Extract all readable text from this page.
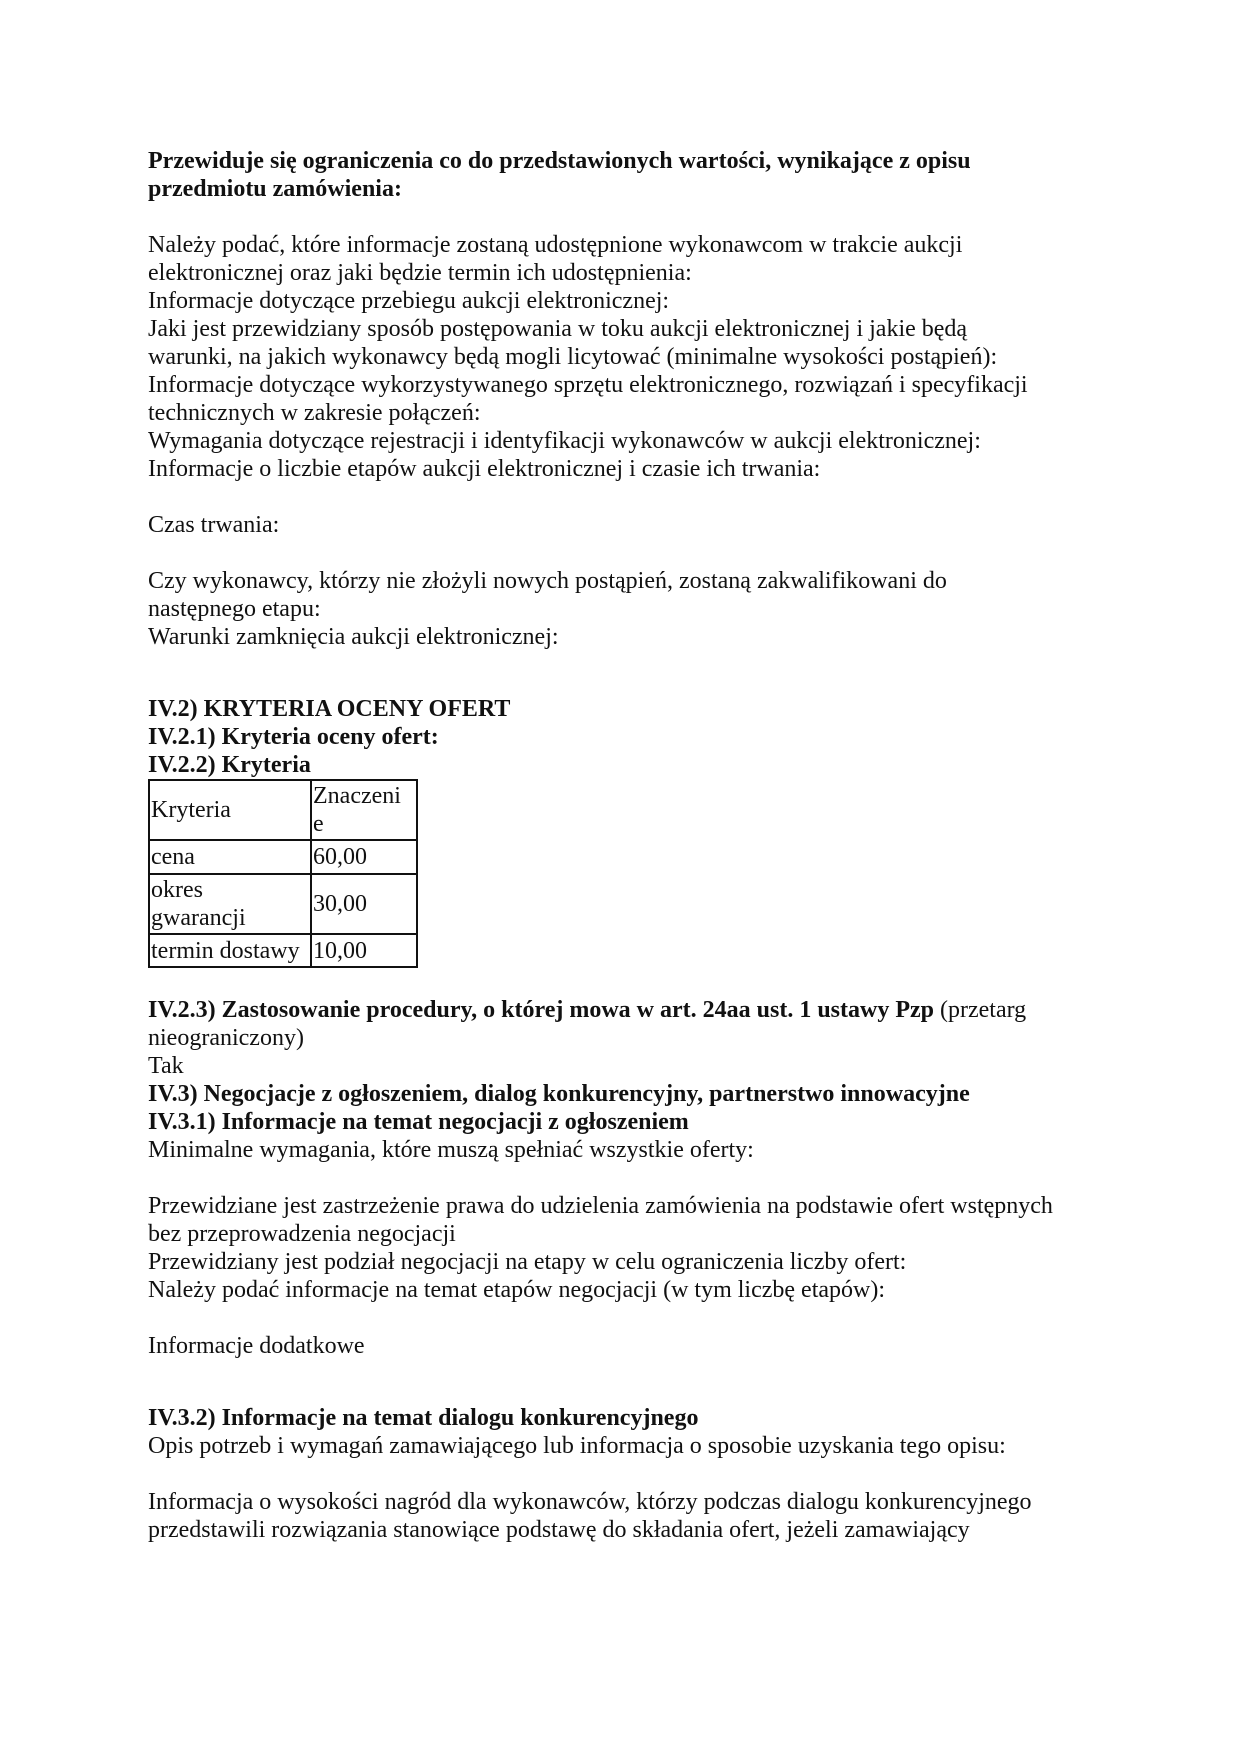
Przewiduje się ograniczenia co do przedstawionych wartości, wynikające z opisu przedmiotu zamówienia:
Należy podać, które informacje zostaną udostępnione wykonawcom w trakcie aukcji
elektronicznej oraz jaki będzie termin ich udostępnienia:
Informacje dotyczące przebiegu aukcji elektronicznej:
Jaki jest przewidziany sposób postępowania w toku aukcji elektronicznej i jakie będą
warunki, na jakich wykonawcy będą mogli licytować (minimalne wysokości postąpień):
Informacje dotyczące wykorzystywanego sprzętu elektronicznego, rozwiązań i specyfikacji
technicznych w zakresie połączeń:
Wymagania dotyczące rejestracji i identyfikacji wykonawców w aukcji elektronicznej:
Informacje o liczbie etapów aukcji elektronicznej i czasie ich trwania:
Czas trwania:
Czy wykonawcy, którzy nie złożyli nowych postąpień, zostaną zakwalifikowani do
następnego etapu:
Warunki zamknięcia aukcji elektronicznej:
IV.2) KRYTERIA OCENY OFERT
IV.2.1) Kryteria oceny ofert:
IV.2.2) Kryteria
Kryteria	Znaczeni
e

cena	60,00

okres
gwarancji	30,00
termin dostawy	10,00
IV.2.3) Zastosowanie procedury, o której mowa w art. 24aa ust. 1 ustawy Pzp (przetarg
nieograniczony)
Tak
IV.3) Negocjacje z ogłoszeniem, dialog konkurencyjny, partnerstwo innowacyjne
IV.3.1) Informacje na temat negocjacji z ogłoszeniem
Minimalne wymagania, które muszą spełniać wszystkie oferty:
Przewidziane jest zastrzeżenie prawa do udzielenia zamówienia na podstawie ofert wstępnych
bez przeprowadzenia negocjacji
Przewidziany jest podział negocjacji na etapy w celu ograniczenia liczby ofert:
Należy podać informacje na temat etapów negocjacji (w tym liczbę etapów):
Informacje dodatkowe
IV.3.2) Informacje na temat dialogu konkurencyjnego
Opis potrzeb i wymagań zamawiającego lub informacja o sposobie uzyskania tego opisu:
Informacja o wysokości nagród dla wykonawców, którzy podczas dialogu konkurencyjnego
przedstawili rozwiązania stanowiące podstawę do składania ofert, jeżeli zamawiający
